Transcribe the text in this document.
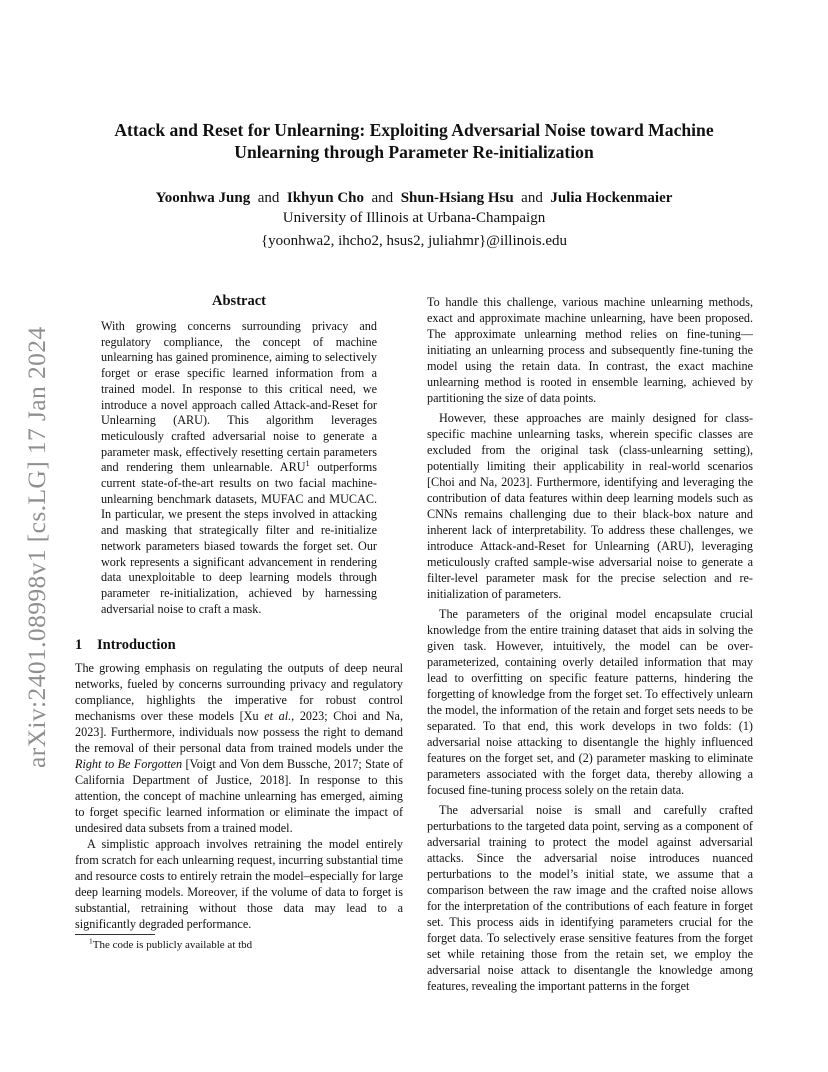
arXiv:2401.08998v1 [cs.LG] 17 Jan 2024
Attack and Reset for Unlearning: Exploiting Adversarial Noise toward Machine
Unlearning through Parameter Re-initialization
Yoonhwa Jung and Ikhyun Cho and Shun-Hsiang Hsu and Julia Hockenmaier
University of Illinois at Urbana-Champaign
{yoonhwa2, ihcho2, hsus2, juliahmr}@illinois.edu
Abstract

With growing concerns surrounding privacy and regulatory compliance, the concept of machine unlearning has gained prominence, aiming to selectively forget or erase specific learned information from a trained model. In response to this critical need, we introduce a novel approach called Attack-and-Reset for Unlearning (ARU). This algorithm leverages meticulously crafted adversarial noise to generate a parameter mask, effectively resetting certain parameters and rendering them unlearnable. ARU$^1$ outperforms current state-of-the-art results on two facial machine-unlearning benchmark datasets, MUFAC and MUCAC. In particular, we present the steps involved in attacking and masking that strategically filter and re-initialize network parameters biased towards the forget set. Our work represents a significant advancement in rendering data unexploitable to deep learning models through parameter re-initialization, achieved by harnessing adversarial noise to craft a mask.

1 Introduction

The growing emphasis on regulating the outputs of deep neural networks, fueled by concerns surrounding privacy and regulatory compliance, highlights the imperative for robust control mechanisms over these models [Xu et al., 2023; Choi and Na, 2023]. Furthermore, individuals now possess the right to demand the removal of their personal data from trained models under the Right to Be Forgotten [Voigt and Von dem Bussche, 2017; State of California Department of Justice, 2018]. In response to this attention, the concept of machine unlearning has emerged, aiming to forget specific learned information or eliminate the impact of undesired data subsets from a trained model.

A simplistic approach involves retraining the model entirely from scratch for each unlearning request, incurring substantial time and resource costs to entirely retrain the model–especially for large deep learning models. Moreover, if the volume of data to forget is substantial, retraining without those data may lead to a significantly degraded performance.

$^1$The code is publicly available at tbd

To handle this challenge, various machine unlearning methods, exact and approximate machine unlearning, have been proposed. The approximate unlearning method relies on fine-tuning—initiating an unlearning process and subsequently fine-tuning the model using the retain data. In contrast, the exact machine unlearning method is rooted in ensemble learning, achieved by partitioning the size of data points.

However, these approaches are mainly designed for class-specific machine unlearning tasks, wherein specific classes are excluded from the original task (class-unlearning setting), potentially limiting their applicability in real-world scenarios [Choi and Na, 2023]. Furthermore, identifying and leveraging the contribution of data features within deep learning models such as CNNs remains challenging due to their black-box nature and inherent lack of interpretability. To address these challenges, we introduce Attack-and-Reset for Unlearning (ARU), leveraging meticulously crafted sample-wise adversarial noise to generate a filter-level parameter mask for the precise selection and re-initialization of parameters.

The parameters of the original model encapsulate crucial knowledge from the entire training dataset that aids in solving the given task. However, intuitively, the model can be over-parameterized, containing overly detailed information that may lead to overfitting on specific feature patterns, hindering the forgetting of knowledge from the forget set. To effectively unlearn the model, the information of the retain and forget sets needs to be separated. To that end, this work develops in two folds: (1) adversarial noise attacking to disentangle the highly influenced features on the forget set, and (2) parameter masking to eliminate parameters associated with the forget data, thereby allowing a focused fine-tuning process solely on the retain data.

The adversarial noise is small and carefully crafted perturbations to the targeted data point, serving as a component of adversarial training to protect the model against adversarial attacks. Since the adversarial noise introduces nuanced perturbations to the model’s initial state, we assume that a comparison between the raw image and the crafted noise allows for the interpretation of the contributions of each feature in forget set. This process aids in identifying parameters crucial for the forget data. To selectively erase sensitive features from the forget set while retaining those from the retain set, we employ the adversarial noise attack to disentangle the knowledge among features, revealing the important patterns in the forget
